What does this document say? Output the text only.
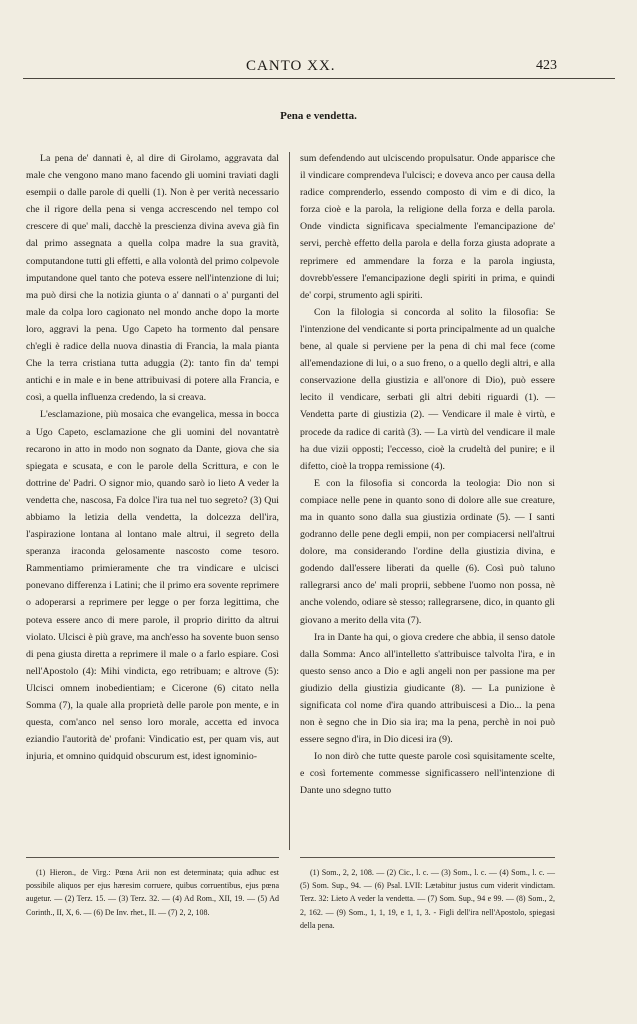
CANTO XX.	423
Pena e vendetta.

La pena de' dannati è, al dire di Girolamo, aggravata dal male che vengono mano mano facendo gli uomini traviati dagli esempii o dalle parole di quelli (1). Non è per verità necessario che il rigore della pena si venga accrescendo nel tempo col crescere di que' mali, dacchè la prescienza divina aveva già fin dal primo assegnata a quella colpa madre la sua gravità, computandone tutti gli effetti, e alla volontà del primo colpevole imputandone quel tanto che poteva essere nell'intenzione di lui; ma può dirsi che la notizia giunta o a' dannati o a' purganti del male da colpa loro cagionato nel mondo anche dopo la morte loro, aggravi la pena. Ugo Capeto ha tormento dal pensare ch'egli è radice della nuova dinastia di Francia, la mala pianta Che la terra cristiana tutta aduggia (2): tanto fin da' tempi antichi e in male e in bene attribuivasi di potere alla Francia, e così, a quella influenza credendo, la si creava.

L'esclamazione, più mosaica che evangelica, messa in bocca a Ugo Capeto, esclamazione che gli uomini del novantatrè recarono in atto in modo non sognato da Dante, giova che sia spiegata e scusata, e con le parole della Scrittura, e con le dottrine de' Padri. O signor mio, quando sarò io lieto A veder la vendetta che, nascosa, Fa dolce l'ira tua nel tuo segreto? (3) Qui abbiamo la letizia della vendetta, la dolcezza dell'ira, l'aspirazione lontana al lontano male altrui, il segreto della speranza iraconda gelosamente nascosto come tesoro. Rammentiamo primieramente che tra vindicare e ulcisci ponevano differenza i Latini; che il primo era sovente reprimere o adoperarsi a reprimere per legge o per forza legittima, che poteva essere anco di mere parole, il proprio diritto da altrui violato. Ulcisci è più grave, ma anch'esso ha sovente buon senso di pena giusta diretta a reprimere il male o a farlo espiare. Così nell'Apostolo (4): Mihi vindicta, ego retribuam; e altrove (5): Ulcisci omnem inobedientiam; e Cicerone (6) citato nella Somma (7), la quale alla proprietà delle parole pon mente, e in questa, com'anco nel senso loro morale, accetta ed invoca eziandio l'autorità de' profani: Vindicatio est, per quam vis, aut injuria, et omnino quidquid obscurum est, idest ignominio-

sum defendendo aut ulciscendo propulsatur. Onde apparisce che il vindicare comprendeva l'ulcisci; e doveva anco per causa della radice comprenderlo, essendo composto di vim e di dico, la forza cioè e la parola, la religione della forza e della parola. Onde vindicta significava specialmente l'emancipazione de' servi, perchè effetto della parola e della forza giusta adoprate a reprimere ed ammendare la forza e la parola ingiusta, dovrebb'essere l'emancipazione degli spiriti in prima, e quindi de' corpi, strumento agli spiriti.

Con la filologia si concorda al solito la filosofia: Se l'intenzione del vendicante si porta principalmente ad un qualche bene, al quale si perviene per la pena di chi mal fece (come all'emendazione di lui, o a suo freno, o a quello degli altri, e alla conservazione della giustizia e all'onore di Dio), può essere lecito il vendicare, serbati gli altri debiti riguardi (1). — Vendetta parte di giustizia (2). — Vendicare il male è virtù, e procede da radice di carità (3). — La virtù del vendicare il male ha due vizii opposti; l'eccesso, cioè la crudeltà del punire; e il difetto, cioè la troppa remissione (4).

E con la filosofia si concorda la teologia: Dio non si compiace nelle pene in quanto sono di dolore alle sue creature, ma in quanto sono dalla sua giustizia ordinate (5). — I santi godranno delle pene degli empii, non per compiacersi nell'altrui dolore, ma considerando l'ordine della giustizia divina, e godendo dall'essere liberati da quelle (6). Così può taluno rallegrarsi anco de' mali proprii, sebbene l'uomo non possa, nè anche volendo, odiare sè stesso; rallegrarsene, dico, in quanto gli giovano a merito della vita (7).

Ira in Dante ha qui, o giova credere che abbia, il senso datole dalla Somma: Anco all'intelletto s'attribuisce talvolta l'ira, e in questo senso anco a Dio e agli angeli non per passione ma per giudizio della giustizia giudicante (8). — La punizione è significata col nome d'ira quando attribuiscesi a Dio... la pena non è segno che in Dio sia ira; ma la pena, perchè in noi può essere segno d'ira, in Dio dicesi ira (9).

Io non dirò che tutte queste parole così squisitamente scelte, e così fortemente commesse significassero nell'intenzione di Dante uno sdegno tutto

(1) Hieron., de Virg.: Pœna Arii non est determinata; quia adhuc est possibile aliquos per ejus hæresim corruere, quibus corruentibus, ejus pœna augetur. — (2) Terz. 15. — (3) Terz. 32. — (4) Ad Rom., XII, 19. — (5) Ad Corinth., II, X, 6. — (6) De Inv. rhet., II. — (7) 2, 2, 108.

(1) Som., 2, 2, 108. — (2) Cic., l. c. — (3) Som., l. c. — (4) Som., l. c. — (5) Som. Sup., 94. — (6) Psal. LVII: Lætabitur justus cum viderit vindictam. Terz. 32: Lieto A veder la vendetta. — (7) Som. Sup., 94 e 99. — (8) Som., 2, 2, 162. — (9) Som., 1, 1, 19, e 1, 1, 3. - Figli dell'ira nell'Apostolo, spiegasi della pena.
